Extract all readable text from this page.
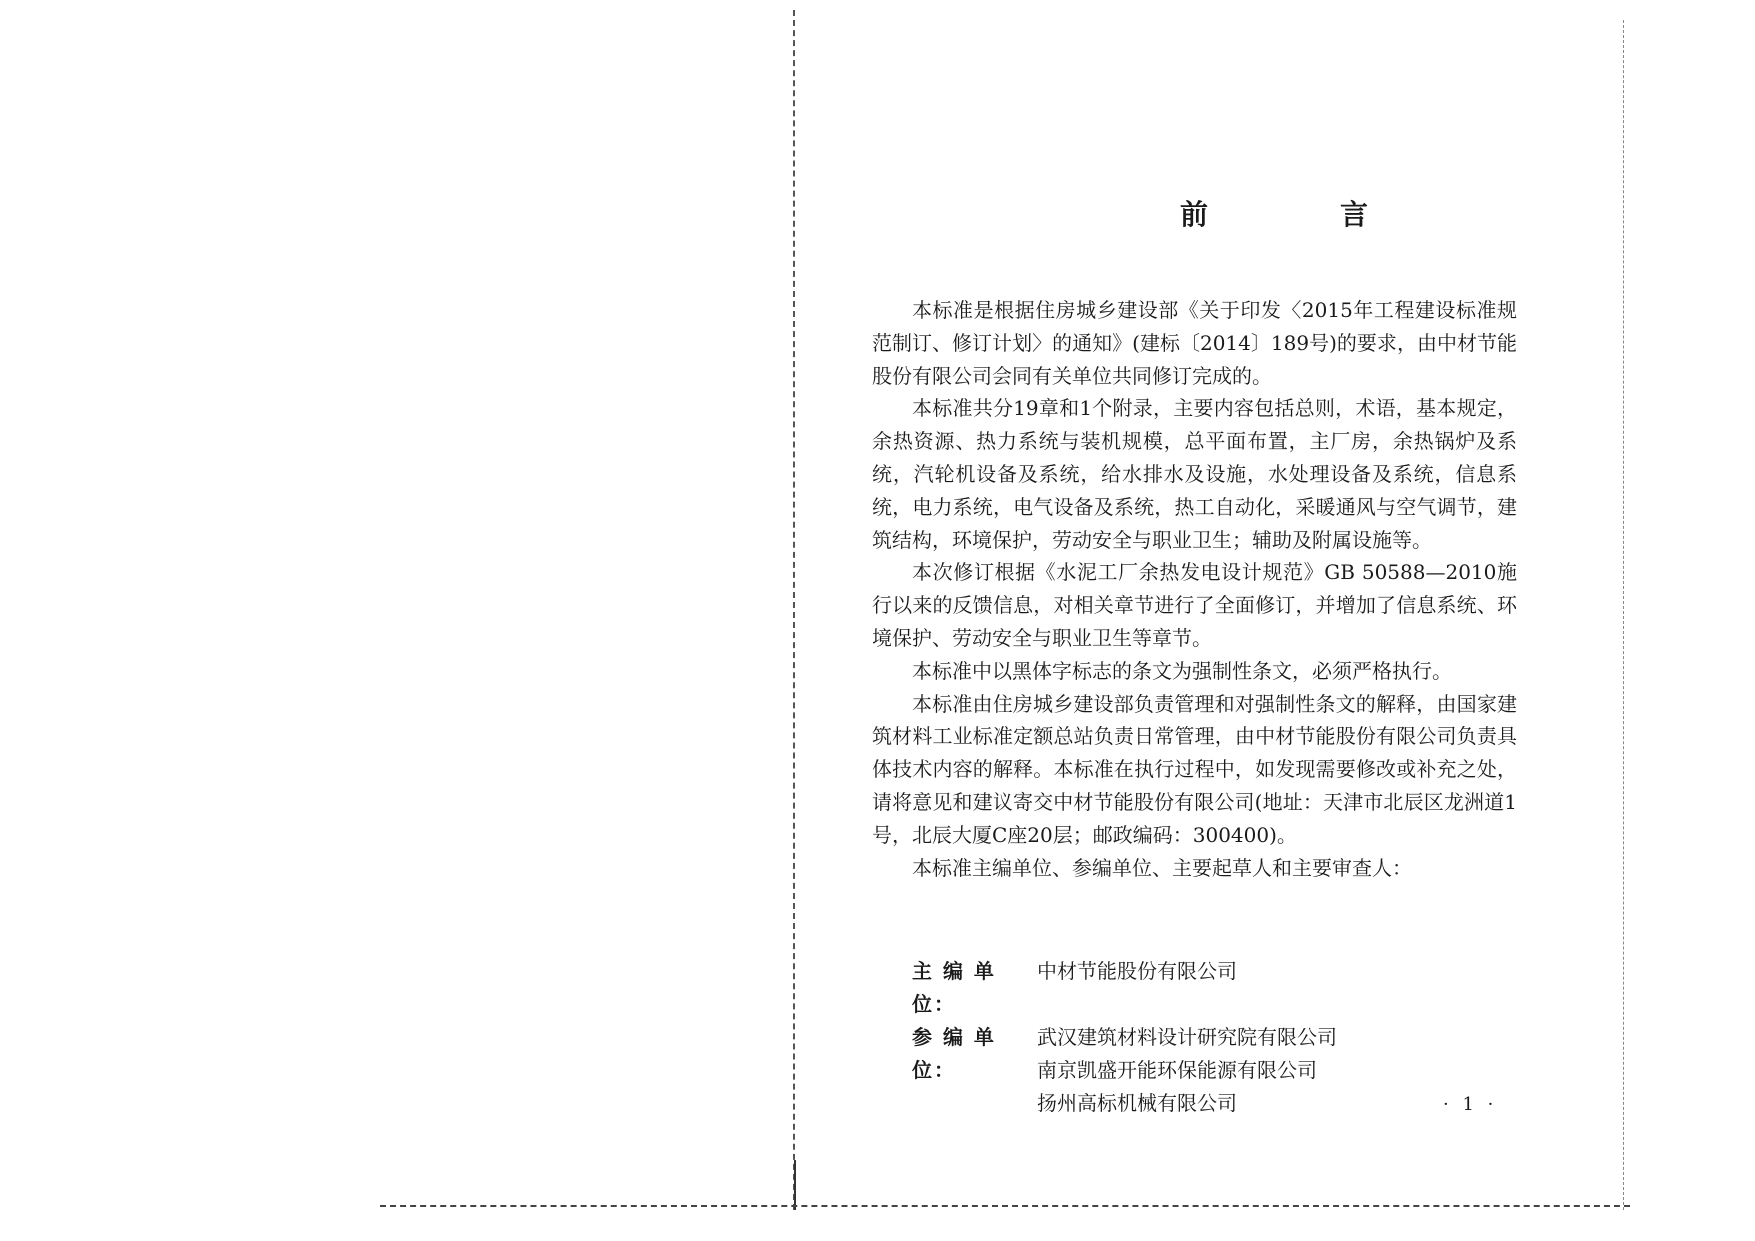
前　言

本标准是根据住房城乡建设部《关于印发〈2015年工程建设标准规范制订、修订计划〉的通知》(建标〔2014〕189号)的要求，由中材节能股份有限公司会同有关单位共同修订完成的。

本标准共分19章和1个附录，主要内容包括总则，术语，基本规定，余热资源、热力系统与装机规模，总平面布置，主厂房，余热锅炉及系统，汽轮机设备及系统，给水排水及设施，水处理设备及系统，信息系统，电力系统，电气设备及系统，热工自动化，采暖通风与空气调节，建筑结构，环境保护，劳动安全与职业卫生；辅助及附属设施等。

本次修订根据《水泥工厂余热发电设计规范》GB 50588—2010施行以来的反馈信息，对相关章节进行了全面修订，并增加了信息系统、环境保护、劳动安全与职业卫生等章节。

本标准中以黑体字标志的条文为强制性条文，必须严格执行。

本标准由住房城乡建设部负责管理和对强制性条文的解释，由国家建筑材料工业标准定额总站负责日常管理，由中材节能股份有限公司负责具体技术内容的解释。本标准在执行过程中，如发现需要修改或补充之处，请将意见和建议寄交中材节能股份有限公司(地址：天津市北辰区龙洲道1号，北辰大厦C座20层；邮政编码：300400)。

本标准主编单位、参编单位、主要起草人和主要审查人：

主 编 单 位：
中材节能股份有限公司
参 编 单 位：
武汉建筑材料设计研究院有限公司
南京凯盛开能环保能源有限公司
扬州高标机械有限公司	· 1 ·
